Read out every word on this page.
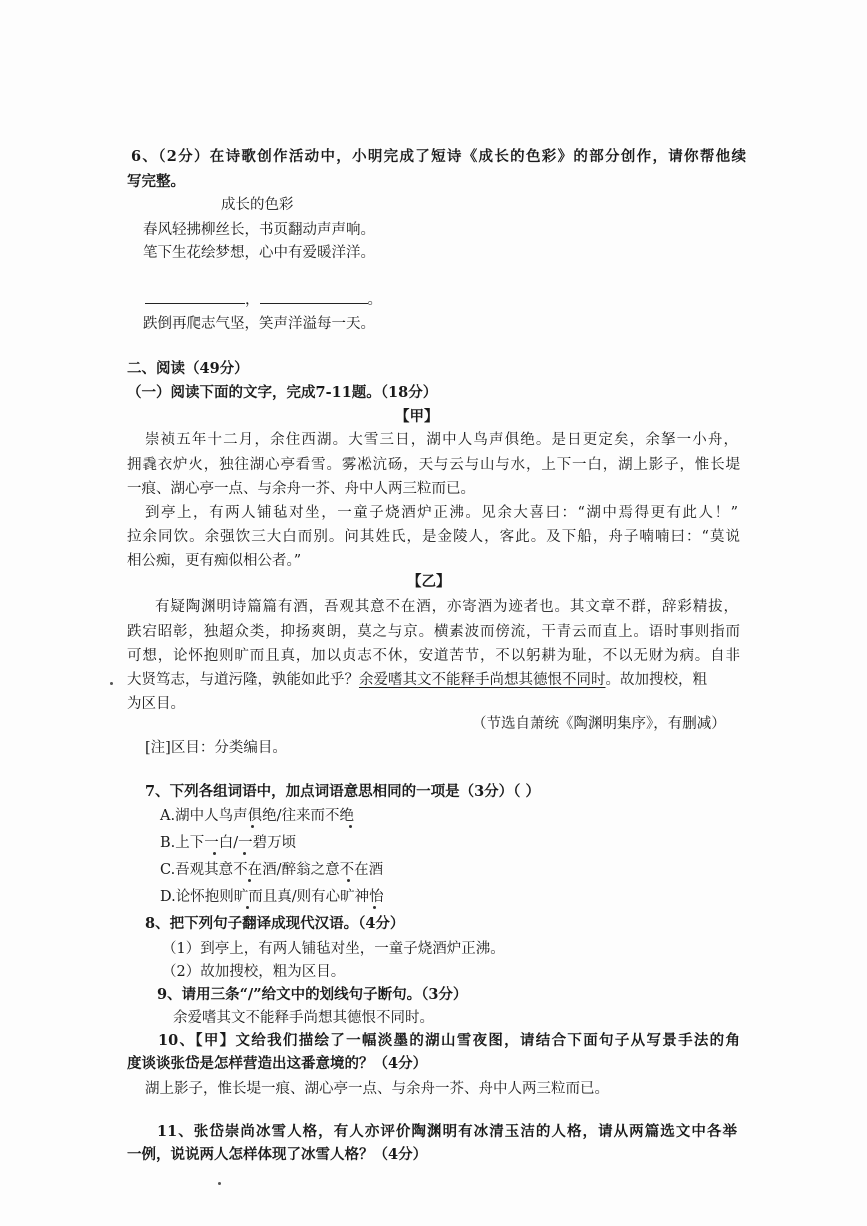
6、（2分）在诗歌创作活动中，小明完成了短诗《成长的色彩》的部分创作，请你帮他续
写完整。
成长的色彩
春风轻拂柳丝长，书页翻动声声响。
笔下生花绘梦想，心中有爱暖洋洋。
，	。
跌倒再爬志气坚，笑声洋溢每一天。
二、阅读（49分）
（一）阅读下面的文字，完成7-11题。（18分）
【甲】
崇祯五年十二月，余住西湖。大雪三日，湖中人鸟声俱绝。是日更定矣，余拏一小舟，
拥毳衣炉火，独往湖心亭看雪。雾凇沆砀，天与云与山与水，上下一白，湖上影子，惟长堤
一痕、湖心亭一点、与余舟一芥、舟中人两三粒而已。
到亭上，有两人铺毡对坐，一童子烧酒炉正沸。见余大喜曰：“湖中焉得更有此人！”
拉余同饮。余强饮三大白而别。问其姓氏，是金陵人，客此。及下船，舟子喃喃曰：“莫说
相公痴，更有痴似相公者。”
【乙】
有疑陶渊明诗篇篇有酒，吾观其意不在酒，亦寄酒为迹者也。其文章不群，辞彩精拔，
跌宕昭彰，独超众类，抑扬爽朗，莫之与京。横素波而傍流，干青云而直上。语时事则指而
可想，论怀抱则旷而且真，加以贞志不休，安道苦节，不以躬耕为耻，不以无财为病。自非
大贤笃志，与道污隆，孰能如此乎？余爱嗜其文不能释手尚想其德恨不同时。故加搜校，粗
为区目。
（节选自萧统《陶渊明集序》，有删减）
[注]区目：分类编目。
7、下列各组词语中，加点词语意思相同的一项是（3分）（ ）
A.湖中人鸟声俱绝/往来而不绝
B.上下一白/一碧万顷
C.吾观其意不在酒/醉翁之意不在酒
D.论怀抱则旷而且真/则有心旷神怡
8、把下列句子翻译成现代汉语。（4分）
（1）到亭上，有两人铺毡对坐，一童子烧酒炉正沸。
（2）故加搜校，粗为区目。
9、请用三条“/”给文中的划线句子断句。（3分）
余爱嗜其文不能释手尚想其德恨不同时。
10、【甲】文给我们描绘了一幅淡墨的湖山雪夜图，请结合下面句子从写景手法的角
度谈谈张岱是怎样营造出这番意境的？（4分）
湖上影子，惟长堤一痕、湖心亭一点、与余舟一芥、舟中人两三粒而已。
11、张岱崇尚冰雪人格，有人亦评价陶渊明有冰清玉洁的人格，请从两篇选文中各举
一例，说说两人怎样体现了冰雪人格？（4分）
